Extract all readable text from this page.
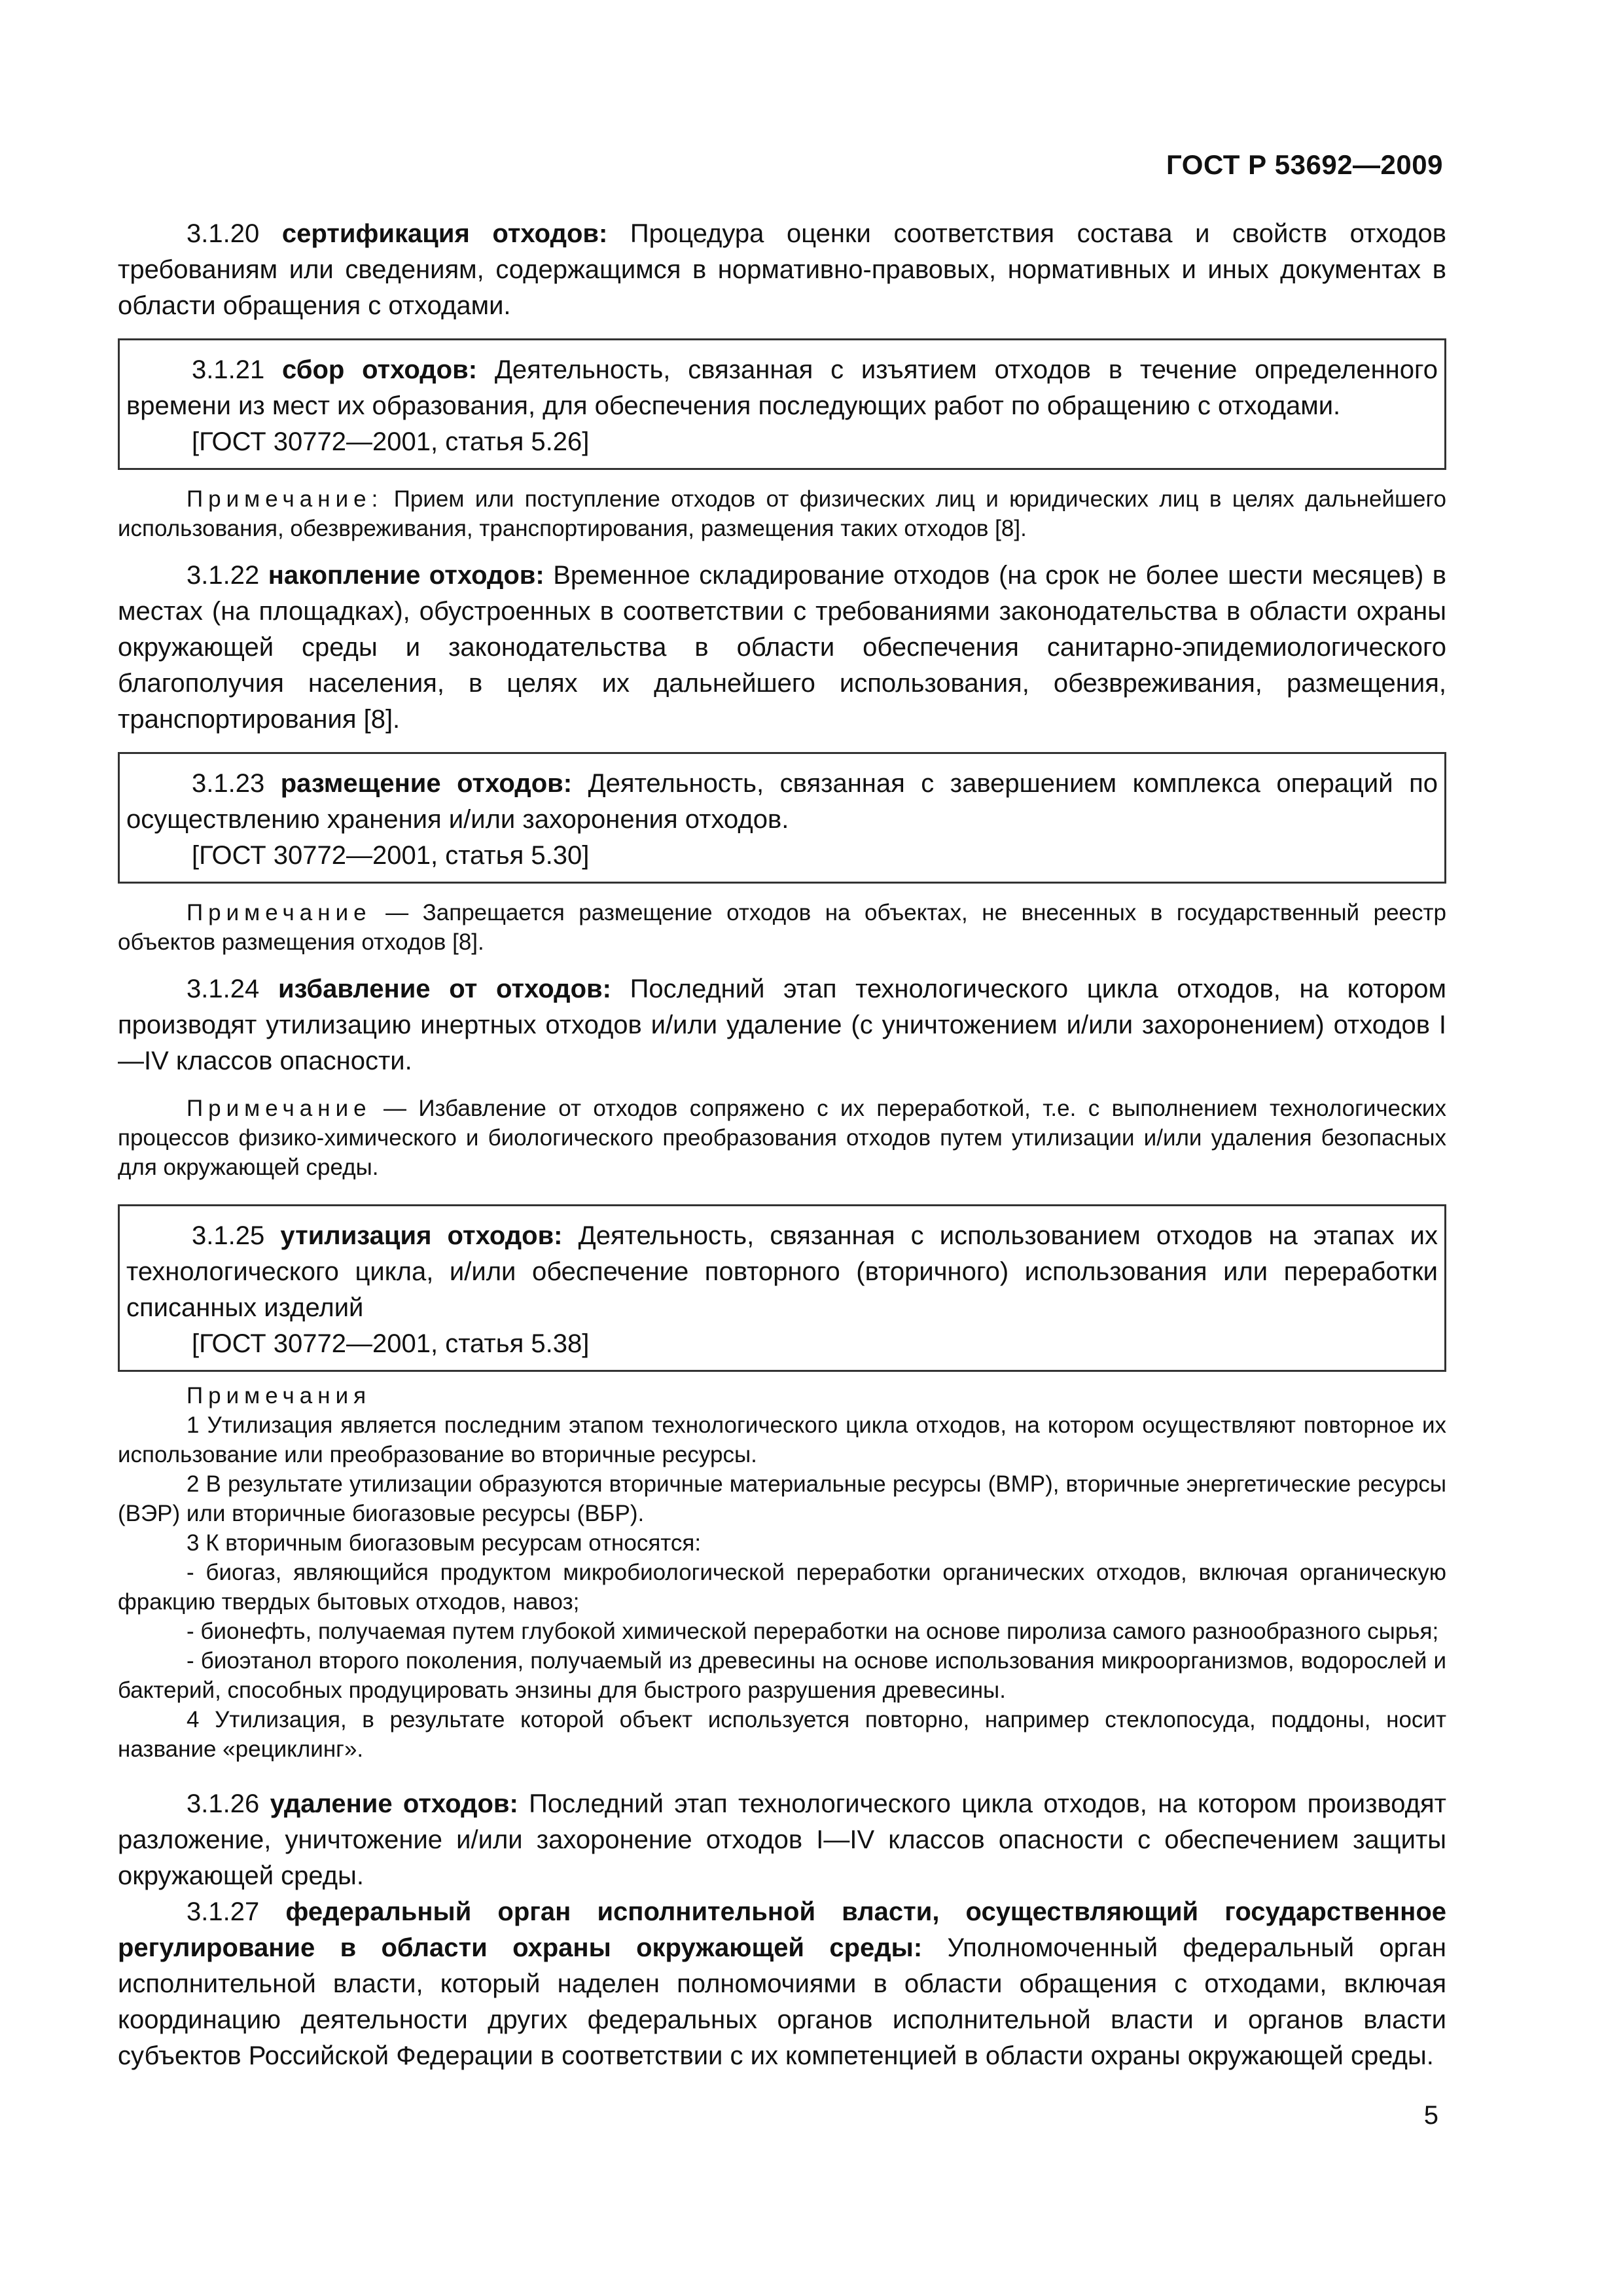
ГОСТ Р 53692—2009

3.1.20 сертификация отходов: Процедура оценки соответствия состава и свойств отходов требованиям или сведениям, содержащимся в нормативно-правовых, нормативных и иных документах в области обращения с отходами.

3.1.21 сбор отходов: Деятельность, связанная с изъятием отходов в течение определенного времени из мест их образования, для обеспечения последующих работ по обращению с отходами.

[ГОСТ 30772—2001, статья 5.26]

Примечание: Прием или поступление отходов от физических лиц и юридических лиц в целях дальнейшего использования, обезвреживания, транспортирования, размещения таких отходов [8].

3.1.22 накопление отходов: Временное складирование отходов (на срок не более шести месяцев) в местах (на площадках), обустроенных в соответствии с требованиями законодательства в области охраны окружающей среды и законодательства в области обеспечения санитарно-эпидемиологического благополучия населения, в целях их дальнейшего использования, обезвреживания, размещения, транспортирования [8].

3.1.23 размещение отходов: Деятельность, связанная с завершением комплекса операций по осуществлению хранения и/или захоронения отходов.

[ГОСТ 30772—2001, статья 5.30]

Примечание — Запрещается размещение отходов на объектах, не внесенных в государственный реестр объектов размещения отходов [8].

3.1.24 избавление от отходов: Последний этап технологического цикла отходов, на котором производят утилизацию инертных отходов и/или удаление (с уничтожением и/или захоронением) отходов I—IV классов опасности.

Примечание — Избавление от отходов сопряжено с их переработкой, т.е. с выполнением технологических процессов физико-химического и биологического преобразования отходов путем утилизации и/или удаления безопасных для окружающей среды.

3.1.25 утилизация отходов: Деятельность, связанная с использованием отходов на этапах их технологического цикла, и/или обеспечение повторного (вторичного) использования или переработки списанных изделий

[ГОСТ 30772—2001, статья 5.38]

Примечания

1 Утилизация является последним этапом технологического цикла отходов, на котором осуществляют повторное их использование или преобразование во вторичные ресурсы.

2 В результате утилизации образуются вторичные материальные ресурсы (ВМР), вторичные энергетические ресурсы (ВЭР) или вторичные биогазовые ресурсы (ВБР).

3 К вторичным биогазовым ресурсам относятся:

- биогаз, являющийся продуктом микробиологической переработки органических отходов, включая органическую фракцию твердых бытовых отходов, навоз;

- бионефть, получаемая путем глубокой химической переработки на основе пиролиза самого разнообразного сырья;

- биоэтанол второго поколения, получаемый из древесины на основе использования микроорганизмов, водорослей и бактерий, способных продуцировать энзины для быстрого разрушения древесины.

4 Утилизация, в результате которой объект используется повторно, например стеклопосуда, поддоны, носит название «рециклинг».

3.1.26 удаление отходов: Последний этап технологического цикла отходов, на котором производят разложение, уничтожение и/или захоронение отходов I—IV классов опасности с обеспечением защиты окружающей среды.

3.1.27 федеральный орган исполнительной власти, осуществляющий государственное регулирование в области охраны окружающей среды: Уполномоченный федеральный орган исполнительной власти, который наделен полномочиями в области обращения с отходами, включая координацию деятельности других федеральных органов исполнительной власти и органов власти субъектов Российской Федерации в соответствии с их компетенцией в области охраны окружающей среды.

5
